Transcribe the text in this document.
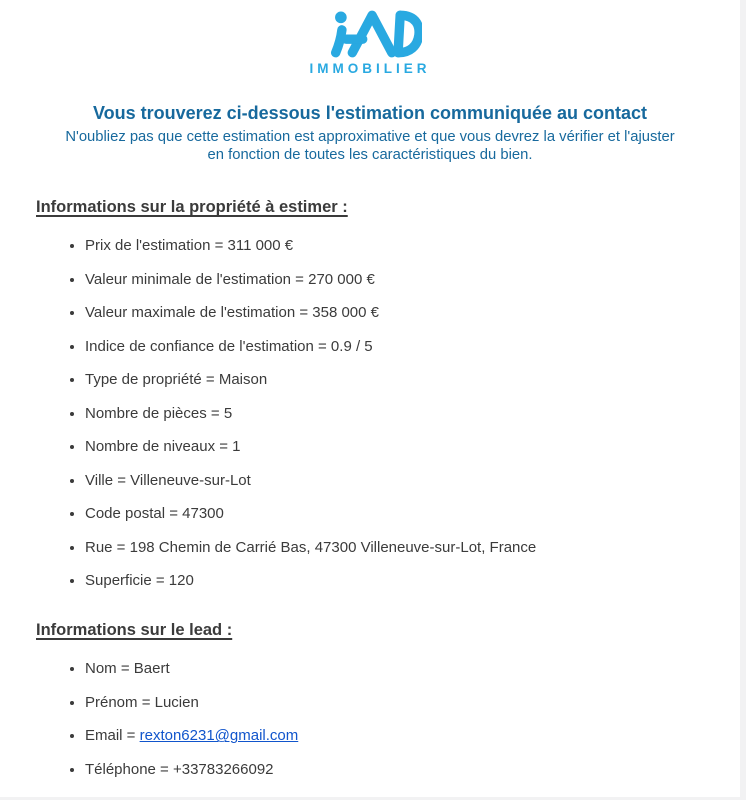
IMMOBILIER
Vous trouverez ci-dessous l'estimation communiquée au contact
N'oubliez pas que cette estimation est approximative et que vous devrez la vérifier et l'ajuster en fonction de toutes les caractéristiques du bien.
Informations sur la propriété à estimer :
• Prix de l'estimation = 311 000 €
• Valeur minimale de l'estimation = 270 000 €
• Valeur maximale de l'estimation = 358 000 €
• Indice de confiance de l'estimation = 0.9 / 5
• Type de propriété = Maison
• Nombre de pièces = 5
• Nombre de niveaux = 1
• Ville = Villeneuve-sur-Lot
• Code postal = 47300
• Rue = 198 Chemin de Carrié Bas, 47300 Villeneuve-sur-Lot, France
• Superficie = 120
Informations sur le lead :
• Nom = Baert
• Prénom = Lucien
• Email = rexton6231@gmail.com
• Téléphone = +33783266092
